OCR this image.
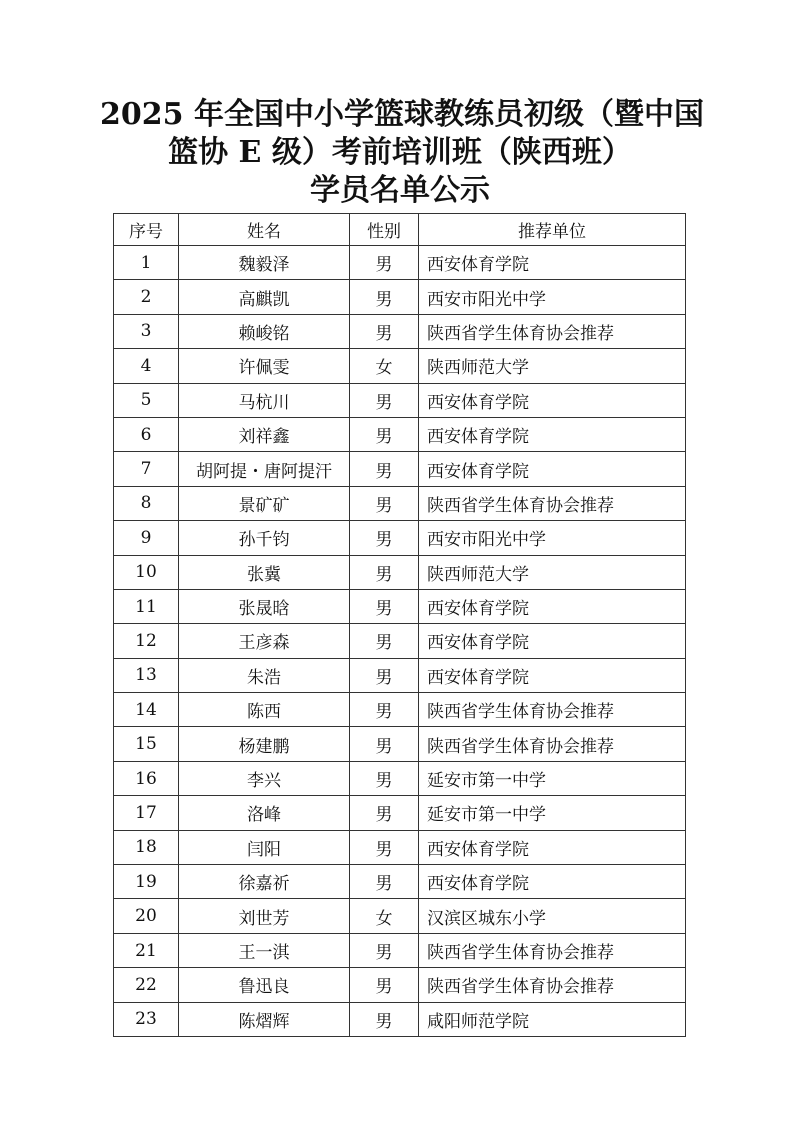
2025 年全国中小学篮球教练员初级（暨中国
篮协 E 级）考前培训班（陕西班）
学员名单公示
序号	姓名	性别	推荐单位
1	魏毅泽	男	西安体育学院
2	高麒凯	男	西安市阳光中学
3	赖峻铭	男	陕西省学生体育协会推荐
4	许佩雯	女	陕西师范大学
5	马杭川	男	西安体育学院
6	刘祥鑫	男	西安体育学院
7	胡阿提・唐阿提汗	男	西安体育学院
8	景矿矿	男	陕西省学生体育协会推荐
9	孙千钧	男	西安市阳光中学
10	张冀	男	陕西师范大学
11	张晟晗	男	西安体育学院
12	王彦森	男	西安体育学院
13	朱浩	男	西安体育学院
14	陈西	男	陕西省学生体育协会推荐
15	杨建鹏	男	陕西省学生体育协会推荐
16	李兴	男	延安市第一中学
17	洛峰	男	延安市第一中学
18	闫阳	男	西安体育学院
19	徐嘉祈	男	西安体育学院
20	刘世芳	女	汉滨区城东小学
21	王一淇	男	陕西省学生体育协会推荐
22	鲁迅良	男	陕西省学生体育协会推荐
23	陈熠辉	男	咸阳师范学院
